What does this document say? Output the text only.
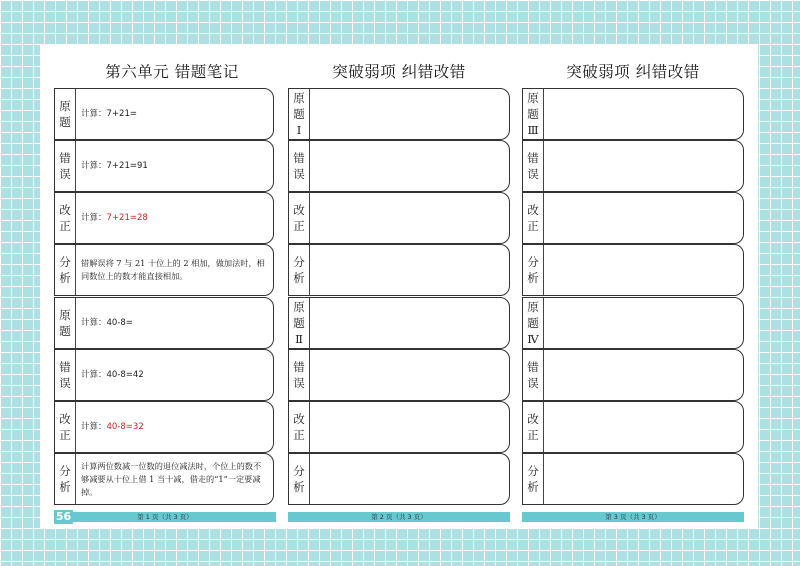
第六单元 错题笔记
原
题
计算：7+21=
错
误
计算：7+21=91
改
正
计算： 7+21=28
分
析
错解误将 7 与 21 十位上的 2 相加，做加法时，相同数位上的数才能直接相加。
原
题
计算：40-8=
错
误
计算：40-8=42
改
正
计算： 40-8=32
分
析
计算两位数减一位数的退位减法时，个位上的数不够减要从十位上借 1 当十减，借走的“1”一定要减掉。
第 1 页（共 3 页）
突破弱项 纠错改错
原
题
Ⅰ
错
误
改
正
分
析
原
题
Ⅱ
错
误
改
正
分
析
第 2 页（共 3 页）
突破弱项 纠错改错
原
题
Ⅲ
错
误
改
正
分
析
原
题
Ⅳ
错
误
改
正
分
析
第 3 页（共 3 页）
56
